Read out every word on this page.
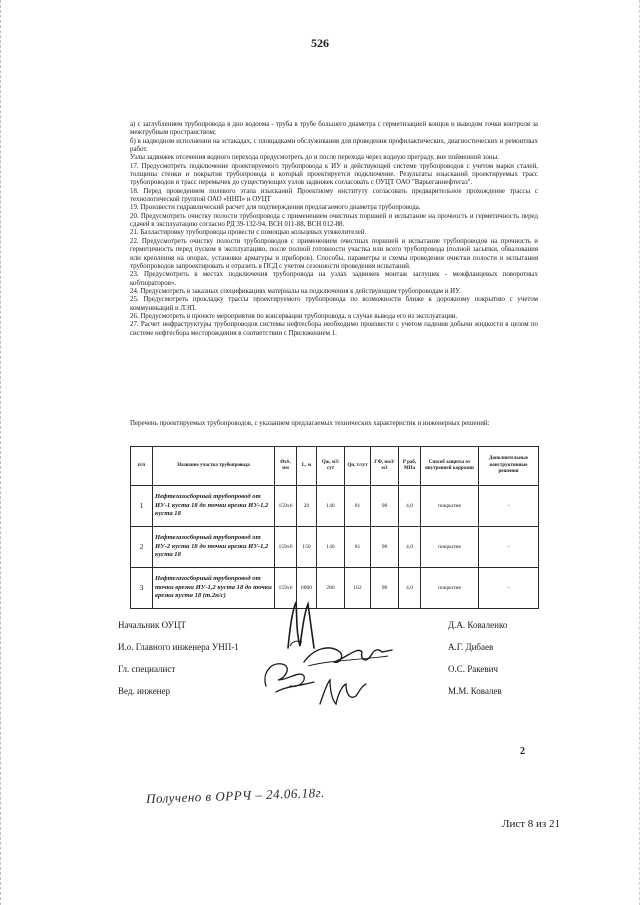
526

а) с заглублением трубопровода в дно водоема - труба в трубе большего диаметра с герметизацией концов и выводом точки контроля за межтрубным пространством;

б) в надводном исполнении на эстакадах, с площадками обслуживания для проведения профилактических, диагностических и ремонтных работ.

Узлы задвижек отсечения водного перехода предусмотреть до и после перехода через водную преграду, вне пойменной зоны.

17. Предусмотреть подключение проектируемого трубопровода к ИУ и действующей системе трубопроводов с учетом марки сталей, толщины стенки и покрытия трубопровода в который проектируется подключение. Результаты изысканий проектируемых трасс трубопроводов и трасс перемычек до существующих узлов задвижек согласовать с ОУЦТ ОАО "Варьеганнефтегаз".

18. Перед проведением полевого этапа изысканий Проектному институту согласовать предварительное прохождение трассы с технологической группой ОАО «ННП» и ОУЦТ

19. Произвести гидравлический расчет для подтверждения предлагаемого диаметра трубопровода.

20. Предусмотреть очистку полости трубопровода с применением очистных поршней и испытание на прочность и герметичность перед сдачей в эксплуатацию согласно РД 39-132-94, ВСН 011-88, ВСН 012-88.

21. Балластировку трубопровода провести с помощью кольцевых утяжелителей.

22. Предусмотреть очистку полости трубопроводов с применением очистных поршней и испытание трубопроводов на прочность и герметичность перед пуском в эксплуатацию, после полной готовности участка или всего трубопровода (полной засыпки, обвалования или крепления на опорах, установки арматуры и приборов). Способы, параметры и схемы проведения очистки полости и испытания трубопроводов запроектировать и отразить в ПСД с учетом сезонности проведения испытаний.

23. Предусмотреть в местах подключения трубопровода на узлах задвижек монтаж заглушек - межфланцевых поворотных кобтюраторов».

24. Предусмотреть в заказных спецификациях материалы на подключения к действующим трубопроводам и ИУ.

25. Предусмотреть прокладку трассы проектируемого трубопровода по возможности ближе к дорожному покрытию с учетом коммуникаций и ЛЭП.

26. Предусмотреть в проекте мероприятия по консервации трубопровода, в случае вывода его из эксплуатации.

27. Расчет инфраструктуры трубопроводов системы нефтесбора необходимо произвести с учетом падения добычи жидкости в целом по системе нефтесбора месторождения в соответствии с Приложением 1.

Перечень проектируемых трубопроводов, с указанием предлагаемых технических характеристик и инженерных решений:
п/п	Название участка трубопровода	ØхS, мм	L, м	Qж, м3/сут	Qн, т/сут	ГФ, нм3/м3	Р раб, МПа	Способ защиты от внутренней коррозии	Дополнительные конструктивные решения
1	Нефтегазосборный трубопровод от ИУ-1 куста 18 до точки врезки ИУ-1,2 куста 18	159х6	20	140	81	98	4,0	покрытие	-
2	Нефтегазосборный трубопровод от ИУ-2 куста 18 до точки врезки ИУ-1,2 куста 18	159х6	150	140	81	98	4,0	покрытие	-
3	Нефтегазосборный трубопровод от точки врезки ИУ-1,2 куста 18 до точки врезки куста 18 (т.2н/с)	159х6	6800	280	162	98	4,0	покрытие	-
Начальник ОУЦТ	Д.А. Коваленко
И.о. Главного инженера УНП-1	А.Г. Дибаев
Гл. специалист	О.С. Ракевич
Вед. инженер	М.М. Ковалев
2
Получено в ОРРЧ – 24.06.18г.
Лист 8 из 21
